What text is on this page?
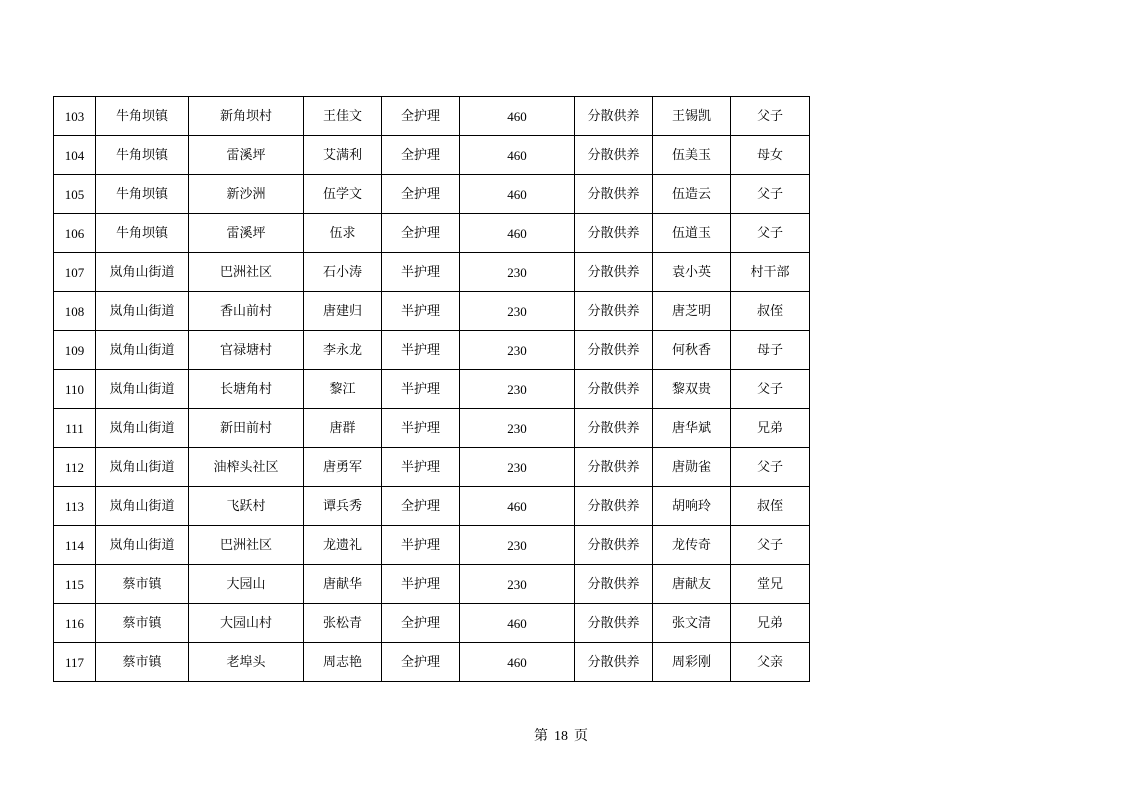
103	牛角坝镇	新角坝村	王佳文	全护理	460	分散供养	王锡凯	父子
104	牛角坝镇	雷溪坪	艾满利	全护理	460	分散供养	伍美玉	母女
105	牛角坝镇	新沙洲	伍学文	全护理	460	分散供养	伍造云	父子
106	牛角坝镇	雷溪坪	伍求	全护理	460	分散供养	伍道玉	父子
107	岚角山街道	巴洲社区	石小涛	半护理	230	分散供养	袁小英	村干部
108	岚角山街道	香山前村	唐建归	半护理	230	分散供养	唐芝明	叔侄
109	岚角山街道	官禄塘村	李永龙	半护理	230	分散供养	何秋香	母子
110	岚角山街道	长塘角村	黎江	半护理	230	分散供养	黎双贵	父子
111	岚角山街道	新田前村	唐群	半护理	230	分散供养	唐华斌	兄弟
112	岚角山街道	油榨头社区	唐勇军	半护理	230	分散供养	唐勋雀	父子
113	岚角山街道	飞跃村	谭兵秀	全护理	460	分散供养	胡响玲	叔侄
114	岚角山街道	巴洲社区	龙遗礼	半护理	230	分散供养	龙传奇	父子
115	蔡市镇	大园山	唐献华	半护理	230	分散供养	唐献友	堂兄
116	蔡市镇	大园山村	张松青	全护理	460	分散供养	张文清	兄弟
117	蔡市镇	老埠头	周志艳	全护理	460	分散供养	周彩刚	父亲
第 18 页
